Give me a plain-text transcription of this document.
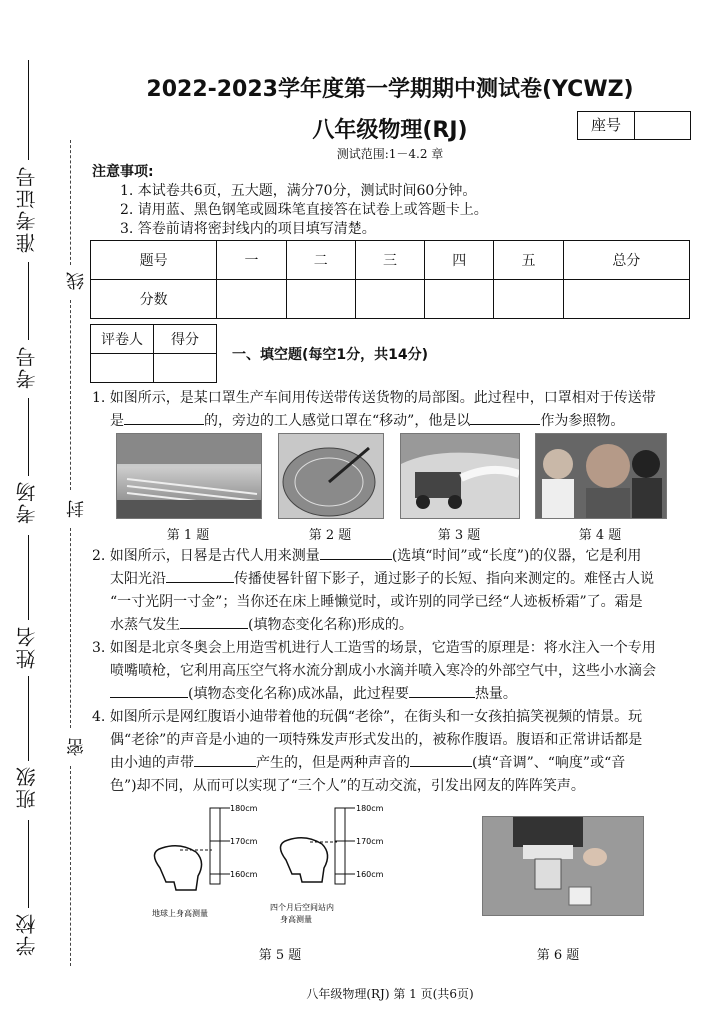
准考证号
考号
考场
姓名
班级
学校
线
封
密
2022-2023学年度第一学期期中测试卷(YCWZ)
八年级物理(RJ)	座号
测试范围:1－4.2 章
注意事项:
1. 本试卷共6页，五大题，满分70分，测试时间60分钟。
2. 请用蓝、黑色钢笔或圆珠笔直接答在试卷上或答题卡上。
3. 答卷前请将密封线内的项目填写清楚。
题号	一	二	三	四	五	总分
分数						
评卷人	得分

一、填空题(每空1分，共14分)
1. 如图所示，是某口罩生产车间用传送带传送货物的局部图。此过程中，口罩相对于传送带
是	的，旁边的工人感觉口罩在“移动”，他是以	作为参照物。
第 1 题	第 2 题	第 3 题	第 4 题
2. 如图所示，日晷是古代人用来测量	(选填“时间”或“长度”)的仪器，它是利用
太阳光沿	传播使晷针留下影子，通过影子的长短、指向来测定的。难怪古人说
“一寸光阴一寸金”；当你还在床上睡懒觉时，或许别的同学已经“人迹板桥霜”了。霜是
水蒸气发生	(填物态变化名称)形成的。
3. 如图是北京冬奥会上用造雪机进行人工造雪的场景，它造雪的原理是：将水注入一个专用
喷嘴喷枪，它利用高压空气将水流分割成小水滴并喷入寒冷的外部空气中，这些小水滴会
(填物态变化名称)成冰晶，此过程要	热量。
4. 如图所示是网红腹语小迪带着他的玩偶“老徐”，在街头和一女孩拍搞笑视频的情景。玩
偶“老徐”的声音是小迪的一项特殊发声形式发出的，被称作腹语。腹语和正常讲话都是
由小迪的声带	产生的，但是两种声音的	(填“音调”、“响度”或“音
色”)却不同，从而可以实现了“三个人”的互动交流，引发出网友的阵阵笑声。
180cm
170cm
160cm
地球上身高测量
180cm
170cm
160cm
四个月后空间站内
身高测量
第 5 题	第 6 题
八年级物理(RJ) 第 1 页(共6页)
